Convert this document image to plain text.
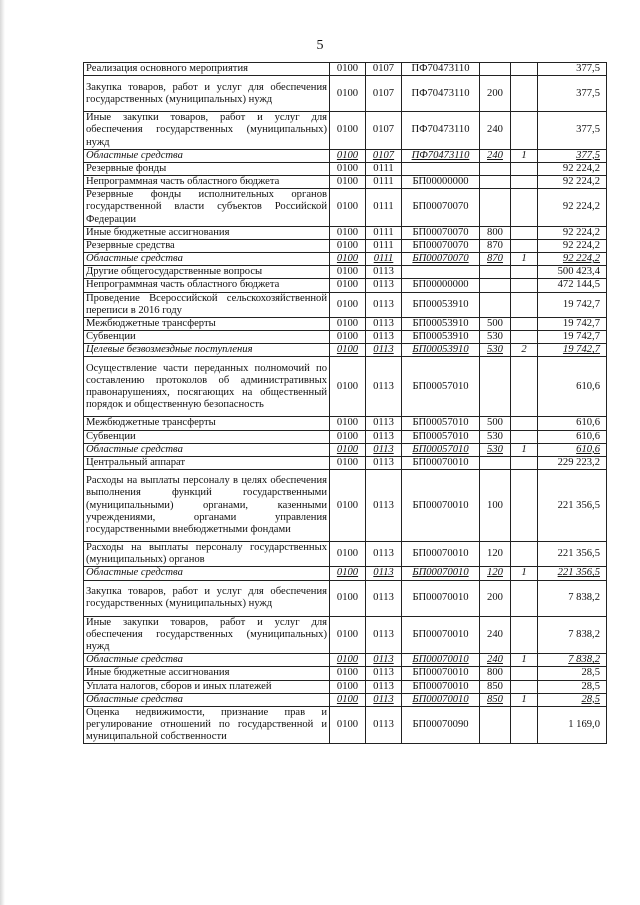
5
Реализация основного мероприятия	0100	0107	ПФ70473110			377,5
Закупка товаров, работ и услуг для обеспечения государственных (муниципальных) нужд	0100	0107	ПФ70473110	200		377,5
Иные закупки товаров, работ и услуг для обеспечения государственных (муниципальных) нужд	0100	0107	ПФ70473110	240		377,5
Областные средства	0100	0107	ПФ70473110	240	1	377,5
Резервные фонды	0100	0111				92 224,2
Непрограммная часть областного бюджета	0100	0111	БП00000000			92 224,2
Резервные фонды исполнительных органов государственной власти субъектов Российской Федерации	0100	0111	БП00070070			92 224,2
Иные бюджетные ассигнования	0100	0111	БП00070070	800		92 224,2
Резервные средства	0100	0111	БП00070070	870		92 224,2
Областные средства	0100	0111	БП00070070	870	1	92 224,2
Другие общегосударственные вопросы	0100	0113				500 423,4
Непрограммная часть областного бюджета	0100	0113	БП00000000			472 144,5
Проведение Всероссийской сельскохозяйственной переписи в 2016 году	0100	0113	БП00053910			19 742,7
Межбюджетные трансферты	0100	0113	БП00053910	500		19 742,7
Субвенции	0100	0113	БП00053910	530		19 742,7
Целевые безвозмездные поступления	0100	0113	БП00053910	530	2	19 742,7
Осуществление части переданных полномочий по составлению протоколов об административных правонарушениях, посягающих на общественный порядок и общественную безопасность	0100	0113	БП00057010			610,6
Межбюджетные трансферты	0100	0113	БП00057010	500		610,6
Субвенции	0100	0113	БП00057010	530		610,6
Областные средства	0100	0113	БП00057010	530	1	610,6
Центральный аппарат	0100	0113	БП00070010			229 223,2
Расходы на выплаты персоналу в целях обеспечения выполнения функций государственными (муниципальными) органами, казенными учреждениями, органами управления государственными внебюджетными фондами	0100	0113	БП00070010	100		221 356,5
Расходы на выплаты персоналу государственных (муниципальных) органов	0100	0113	БП00070010	120		221 356,5
Областные средства	0100	0113	БП00070010	120	1	221 356,5
Закупка товаров, работ и услуг для обеспечения государственных (муниципальных) нужд	0100	0113	БП00070010	200		7 838,2
Иные закупки товаров, работ и услуг для обеспечения государственных (муниципальных) нужд	0100	0113	БП00070010	240		7 838,2
Областные средства	0100	0113	БП00070010	240	1	7 838,2
Иные бюджетные ассигнования	0100	0113	БП00070010	800		28,5
Уплата налогов, сборов и иных платежей	0100	0113	БП00070010	850		28,5
Областные средства	0100	0113	БП00070010	850	1	28,5
Оценка недвижимости, признание прав и регулирование отношений по государственной и муниципальной собственности	0100	0113	БП00070090			1 169,0
